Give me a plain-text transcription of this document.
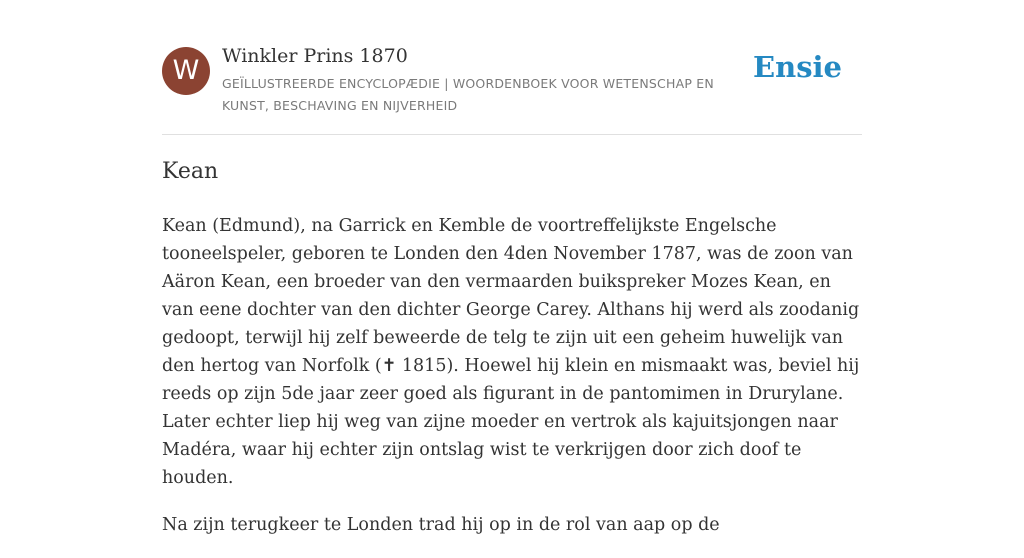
W	Winkler Prins 1870
GEÏLLUSTREERDE ENCYCLOPÆDIE | WOORDENBOEK VOOR WETENSCHAP EN KUNST, BESCHAVING EN NIJVERHEID
Ensie
Kean

Kean (Edmund), na Garrick en Kemble de voortreffelijkste Engelsche tooneelspeler, geboren te Londen den 4den November 1787, was de zoon van Aäron Kean, een broeder van den vermaarden buikspreker Mozes Kean, en van eene dochter van den dichter George Carey. Althans hij werd als zoodanig gedoopt, terwijl hij zelf beweerde de telg te zijn uit een geheim huwelijk van den hertog van Norfolk (✝ 1815). Hoewel hij klein en mismaakt was, beviel hij reeds op zijn 5de jaar zeer goed als figurant in de pantomimen in Drurylane. Later echter liep hij weg van zijne moeder en vertrok als kajuitsjongen naar Madéra, waar hij echter zijn ontslag wist te verkrijgen door zich doof te houden.

Na zijn terugkeer te Londen trad hij op in de rol van aap op de
